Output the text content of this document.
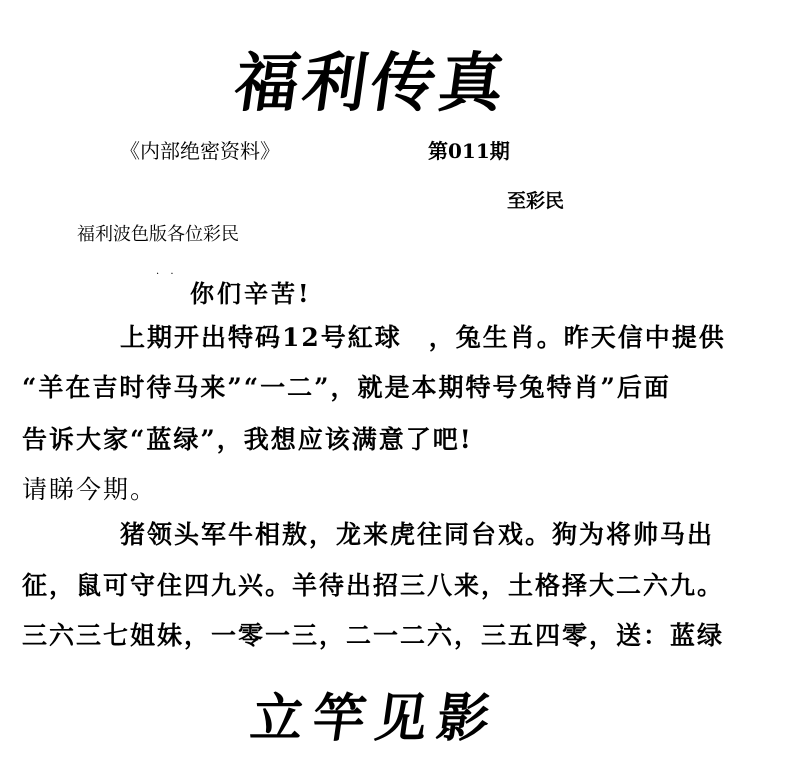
福利传真
《内部绝密资料》	第011期
至彩民
福利波色版各位彩民
. .
你们辛苦!
上期开出特码12号紅球　，兔生肖。昨天信中提供
“羊在吉时待马来”“一二”，就是本期特号兔特肖”后面
告诉大家“蓝绿”，我想应该满意了吧!
请睇今期。
猪领头军牛相敖，龙来虎往同台戏。狗为将帅马出
征，鼠可守住四九兴。羊待出招三八来，土格择大二六九。
三六三七姐妹，一零一三，二一二六，三五四零，送：蓝绿
立竿见影
